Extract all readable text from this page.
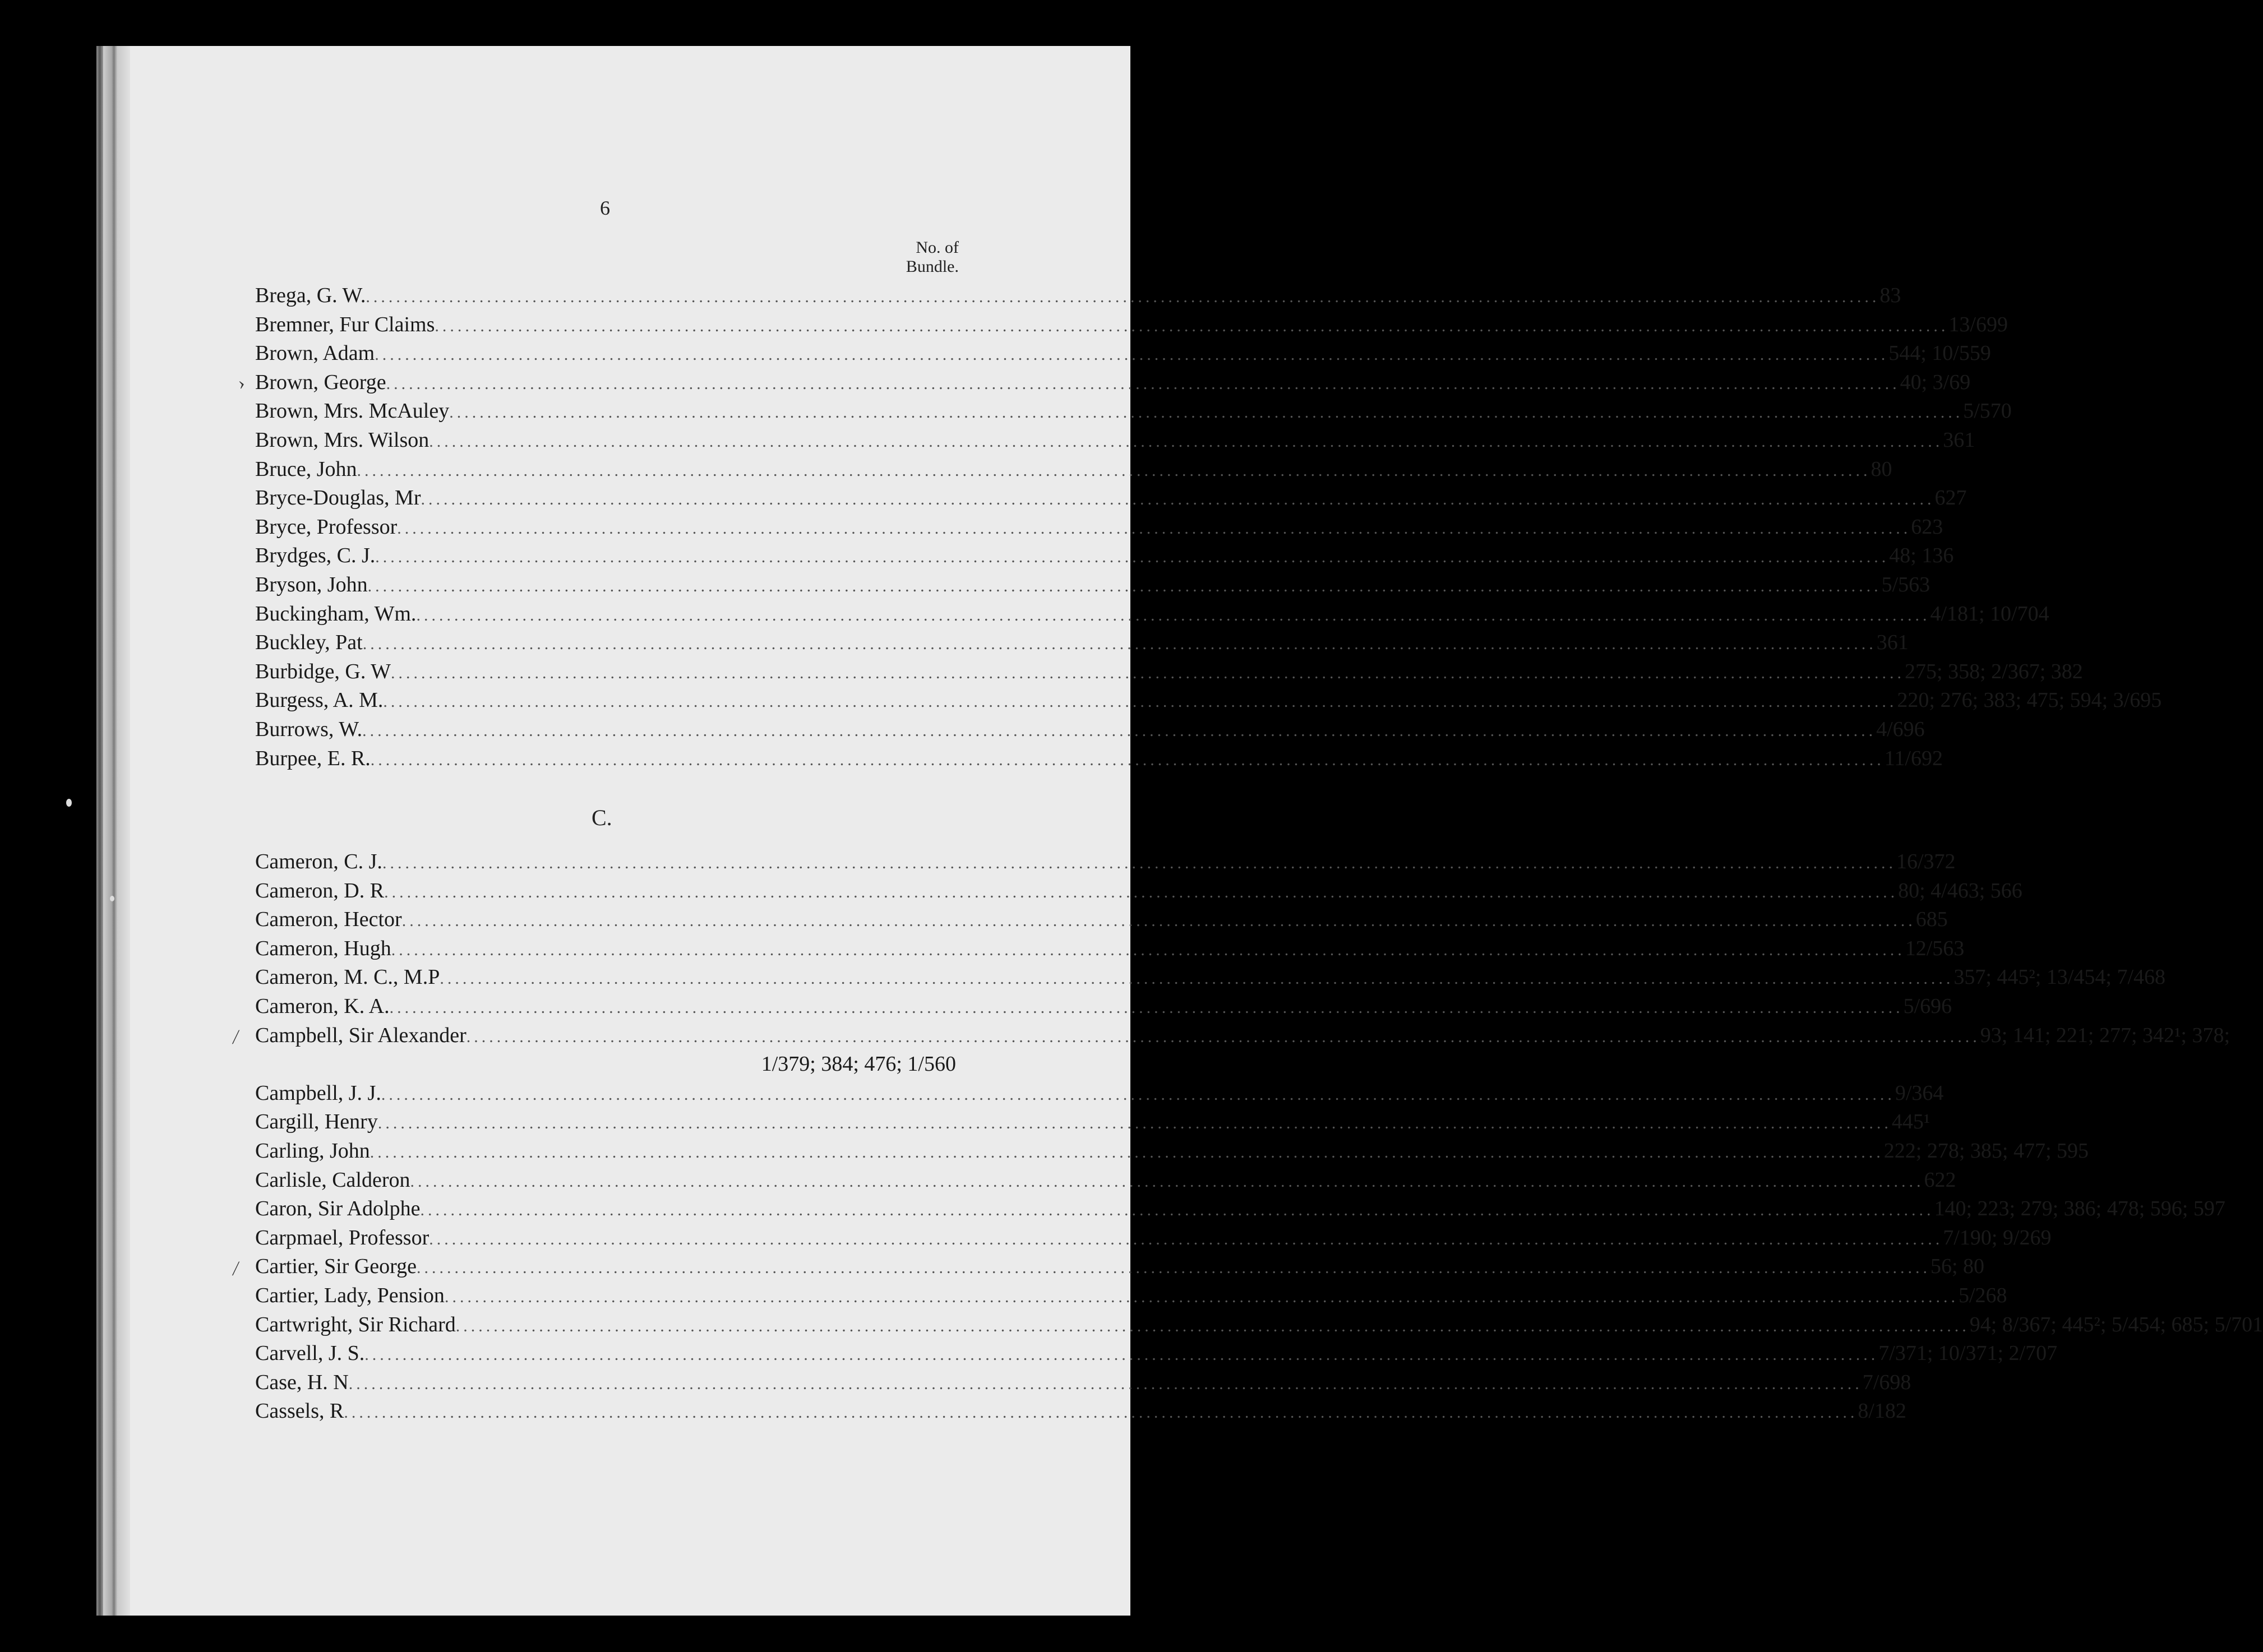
6
No. of
Bundle.
Brega, G. W. ........................................................................................................................................................................................................ 83
Bremner, Fur Claims ........................................................................................................................................................................................................ 13/699
Brown, Adam ........................................................................................................................................................................................................ 544; 10/559
Brown, George ........................................................................................................................................................................................................ 40; 3/69
Brown, Mrs. McAuley ........................................................................................................................................................................................................ 5/570
Brown, Mrs. Wilson ........................................................................................................................................................................................................ 361
Bruce, John ........................................................................................................................................................................................................ 80
Bryce-Douglas, Mr ........................................................................................................................................................................................................ 627
Bryce, Professor ........................................................................................................................................................................................................ 623
Brydges, C. J. ........................................................................................................................................................................................................ 48; 136
Bryson, John ........................................................................................................................................................................................................ 5/563
Buckingham, Wm. ........................................................................................................................................................................................................ 4/181; 10/704
Buckley, Pat ........................................................................................................................................................................................................ 361
Burbidge, G. W ........................................................................................................................................................................................................ 275; 358; 2/367; 382
Burgess, A. M. ........................................................................................................................................................................................................ 220; 276; 383; 475; 594; 3/695
Burrows, W. ........................................................................................................................................................................................................ 4/696
Burpee, E. R. ........................................................................................................................................................................................................ 11/692
C.
Cameron, C. J. ........................................................................................................................................................................................................ 16/372
Cameron, D. R ........................................................................................................................................................................................................ 80; 4/463; 566
Cameron, Hector ........................................................................................................................................................................................................ 685
Cameron, Hugh ........................................................................................................................................................................................................ 12/563
Cameron, M. C., M.P ........................................................................................................................................................................................................ 357; 445²; 13/454; 7/468
Cameron, K. A. ........................................................................................................................................................................................................ 5/696
Campbell, Sir Alexander ........................................................................................................................................................................................................ 93; 141; 221; 277; 342¹; 378;
1/379; 384; 476; 1/560
Campbell, J. J. ........................................................................................................................................................................................................ 9/364
Cargill, Henry ........................................................................................................................................................................................................ 445¹
Carling, John ........................................................................................................................................................................................................ 222; 278; 385; 477; 595
Carlisle, Calderon ........................................................................................................................................................................................................ 622
Caron, Sir Adolphe ........................................................................................................................................................................................................ 140; 223; 279; 386; 478; 596; 597
Carpmael, Professor ........................................................................................................................................................................................................ 7/190; 9/269
Cartier, Sir George ........................................................................................................................................................................................................ 56; 80
Cartier, Lady, Pension ........................................................................................................................................................................................................ 5/268
Cartwright, Sir Richard ........................................................................................................................................................................................................ 94; 8/367; 445²; 5/454; 685; 5/701
Carvell, J. S. ........................................................................................................................................................................................................ 7/371; 10/371; 2/707
Case, H. N ........................................................................................................................................................................................................ 7/698
Cassels, R ........................................................................................................................................................................................................ 8/182
›
⁄
⁄
